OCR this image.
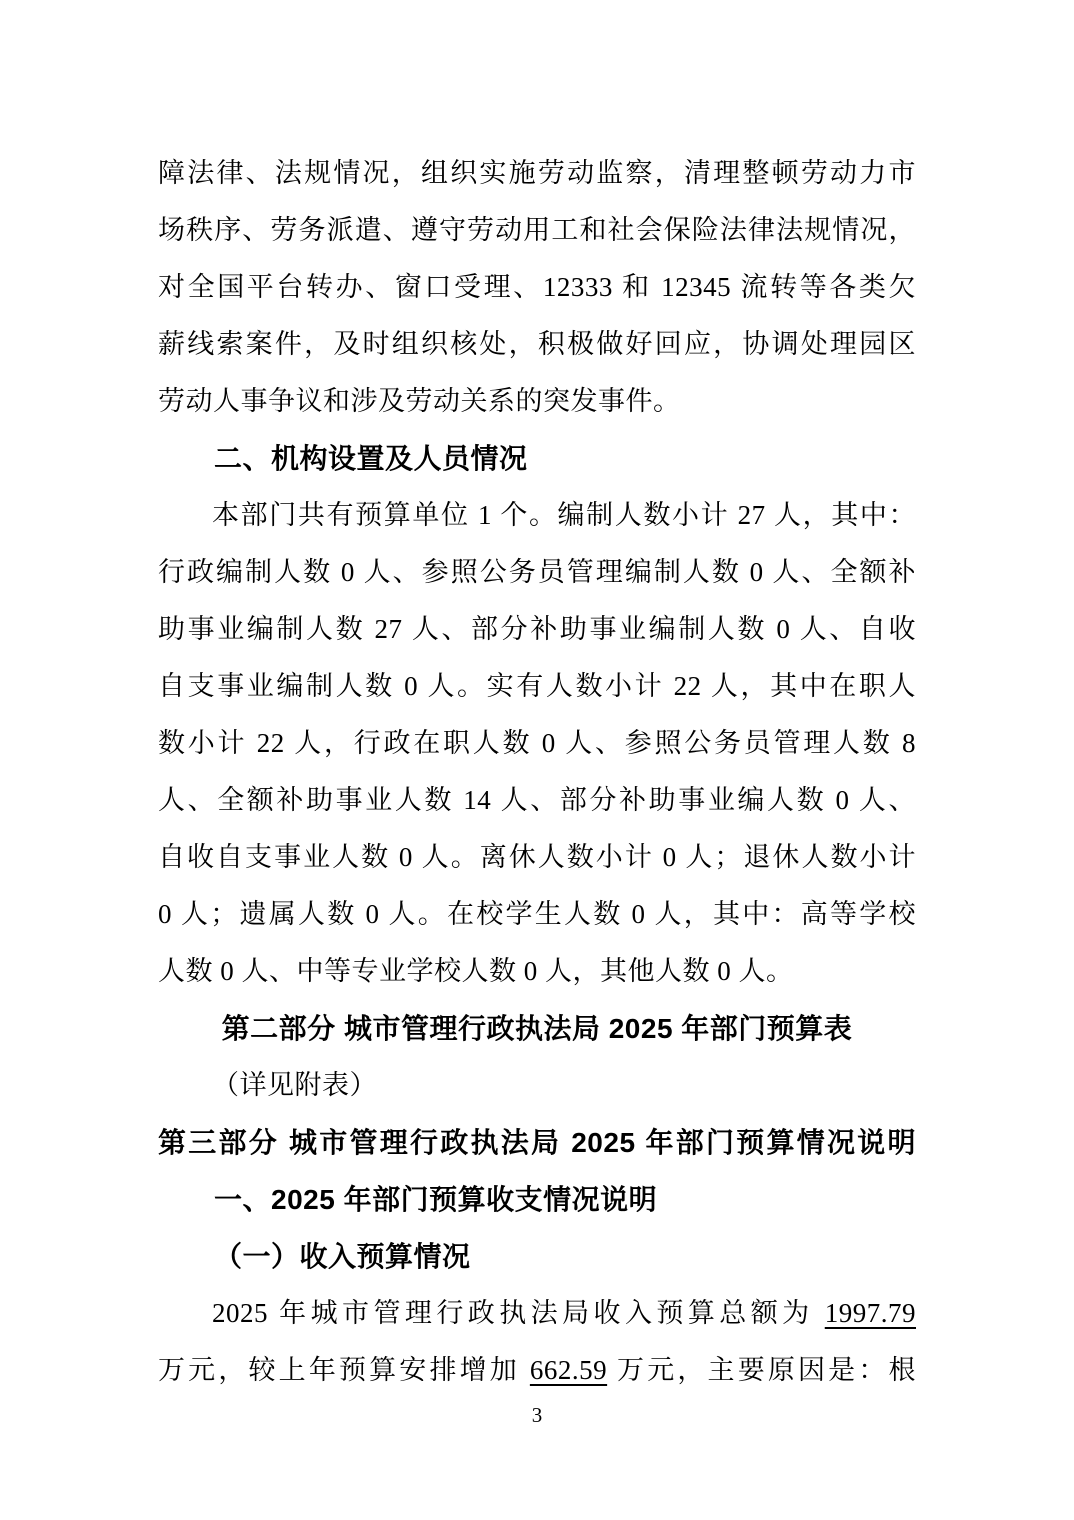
障法律、法规情况，组织实施劳动监察，清理整顿劳动力市
场秩序、劳务派遣、遵守劳动用工和社会保险法律法规情况，
对全国平台转办、窗口受理、12333 和 12345 流转等各类欠
薪线索案件，及时组织核处，积极做好回应，协调处理园区
劳动人事争议和涉及劳动关系的突发事件。
二、机构设置及人员情况
本部门共有预算单位 1 个。编制人数小计 27 人，其中：
行政编制人数 0 人、参照公务员管理编制人数 0 人、全额补
助事业编制人数 27 人、部分补助事业编制人数 0 人、自收
自支事业编制人数 0 人。实有人数小计 22 人，其中在职人
数小计 22 人，行政在职人数 0 人、参照公务员管理人数 8
人、全额补助事业人数 14 人、部分补助事业编人数 0 人、
自收自支事业人数 0 人。离休人数小计 0 人；退休人数小计
0 人；遗属人数 0 人。在校学生人数 0 人，其中：高等学校
人数 0 人、中等专业学校人数 0 人，其他人数 0 人。
第二部分 城市管理行政执法局 2025 年部门预算表
（详见附表）
第三部分 城市管理行政执法局 2025 年部门预算情况说明
一、2025 年部门预算收支情况说明
（一）收入预算情况
2025 年城市管理行政执法局收入预算总额为 1997.79
万元，较上年预算安排增加 662.59 万元，主要原因是：根
3
